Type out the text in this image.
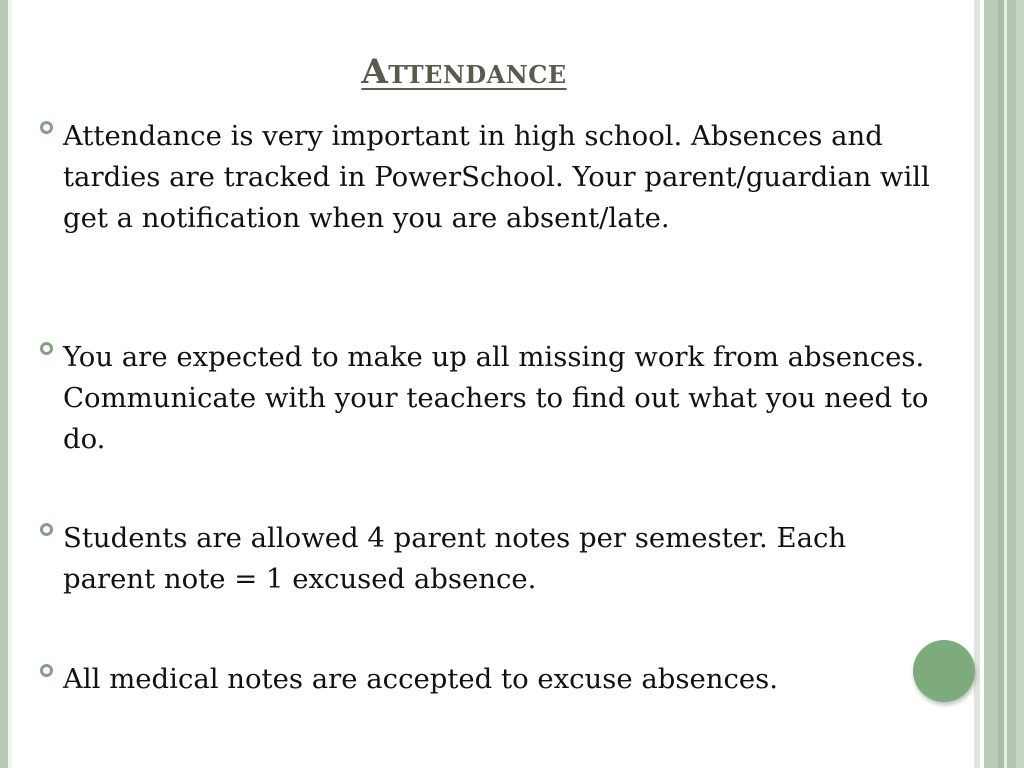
Attendance
Attendance is very important in high school. Absences and tardies are tracked in PowerSchool. Your parent/guardian will get a notification when you are absent/late.
You are expected to make up all missing work from absences. Communicate with your teachers to find out what you need to do.
Students are allowed 4 parent notes per semester. Each parent note = 1 excused absence.
All medical notes are accepted to excuse absences.
